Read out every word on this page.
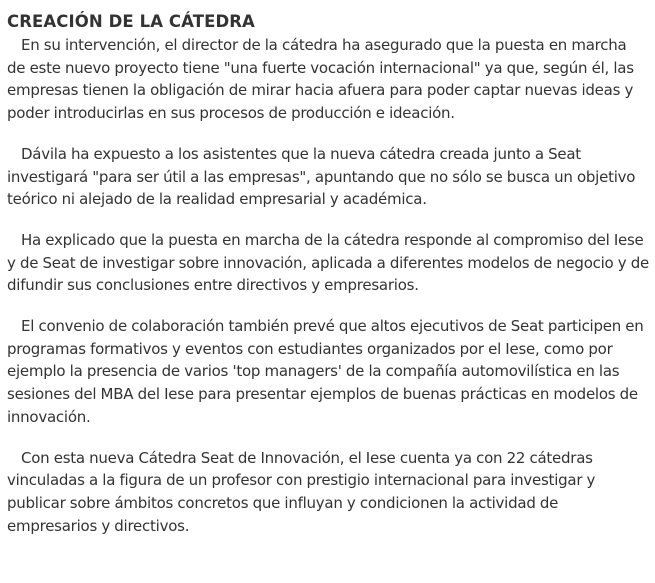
CREACIÓN DE LA CÁTEDRA

En su intervención, el director de la cátedra ha asegurado que la puesta en marcha de este nuevo proyecto tiene "una fuerte vocación internacional" ya que, según él, las empresas tienen la obligación de mirar hacia afuera para poder captar nuevas ideas y poder introducirlas en sus procesos de producción e ideación.

Dávila ha expuesto a los asistentes que la nueva cátedra creada junto a Seat investigará "para ser útil a las empresas", apuntando que no sólo se busca un objetivo teórico ni alejado de la realidad empresarial y académica.

Ha explicado que la puesta en marcha de la cátedra responde al compromiso del Iese y de Seat de investigar sobre innovación, aplicada a diferentes modelos de negocio y de difundir sus conclusiones entre directivos y empresarios.

El convenio de colaboración también prevé que altos ejecutivos de Seat participen en programas formativos y eventos con estudiantes organizados por el Iese, como por ejemplo la presencia de varios 'top managers' de la compañía automovilística en las sesiones del MBA del Iese para presentar ejemplos de buenas prácticas en modelos de innovación.

Con esta nueva Cátedra Seat de Innovación, el Iese cuenta ya con 22 cátedras vinculadas a la figura de un profesor con prestigio internacional para investigar y publicar sobre ámbitos concretos que influyan y condicionen la actividad de empresarios y directivos.
